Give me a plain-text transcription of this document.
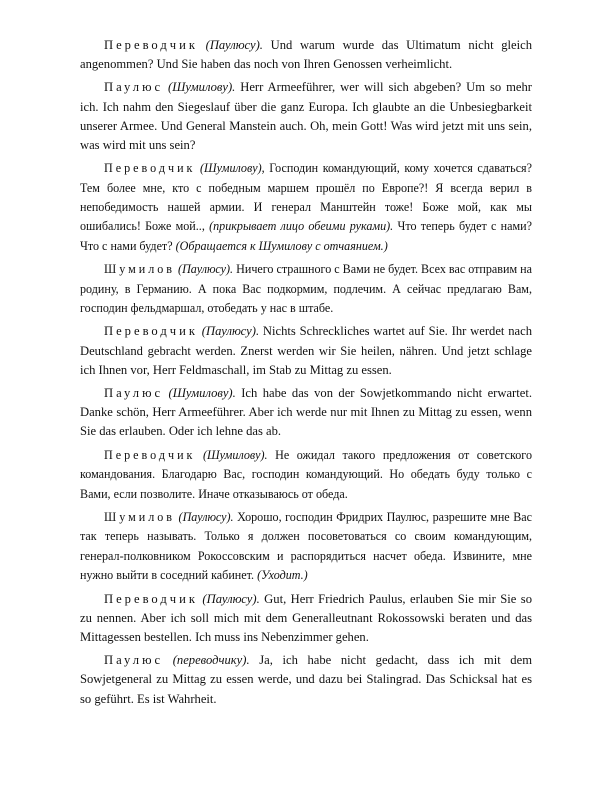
Переводчик (Паулюсу). Und warum wurde das Ultimatum nicht gleich angenommen? Und Sie haben das noch von Ihren Genossen verheimlicht.

Паулюс (Шумилову). Herr Armeeführer, wer will sich abgeben? Um so mehr ich. Ich nahm den Siegeslauf über die ganz Europa. Ich glaubte an die Unbesiegbarkeit unserer Armee. Und General Manstein auch. Oh, mein Gott! Was wird jetzt mit uns sein, was wird mit uns sein?

Переводчик (Шумилову), Господин командующий, кому хочется сдаваться? Тем более мне, кто с победным маршем прошёл по Европе?! Я всегда верил в непобедимость нашей армии. И генерал Манштейн тоже! Боже мой, как мы ошибались! Боже мой.., (прикрывает лицо обеими руками). Что теперь будет с нами? Что с нами будет? (Обращается к Шумилову с отчаянием.)

Шумилов (Паулюсу). Ничего страшного с Вами не будет. Всех вас отправим на родину, в Германию. А пока Вас подкормим, подлечим. А сейчас предлагаю Вам, господин фельдмаршал, отобедать у нас в штабе.

Переводчик (Паулюсу). Nichts Schreckliches wartet auf Sie. Ihr werdet nach Deutschland gebracht werden. Znerst werden wir Sie heilen, nähren. Und jetzt schlage ich Ihnen vor, Herr Feldmaschall, im Stab zu Mittag zu essen.

Паулюс (Шумилову). Ich habe das von der Sowjetkommando nicht erwartet. Danke schön, Herr Armeeführer. Aber ich werde nur mit Ihnen zu Mittag zu essen, wenn Sie das erlauben. Oder ich lehne das ab.

Переводчик (Шумилову). Не ожидал такого предложения от советского командования. Благодарю Вас, господин командующий. Но обедать буду только с Вами, если позволите. Иначе отказываюсь от обеда.

Шумилов (Паулюсу). Хорошо, господин Фридрих Паулюс, разрешите мне Вас так теперь называть. Только я должен посоветоваться со своим командующим, генерал-полковником Рокоссовским и распорядиться насчет обеда. Извините, мне нужно выйти в соседний кабинет. (Уходит.)

Переводчик (Паулюсу). Gut, Herr Friedrich Paulus, erlauben Sie mir Sie so zu nennen. Aber ich soll mich mit dem Generalleutnant Rokossowski beraten und das Mittagessen bestellen. Ich muss ins Nebenzimmer gehen.

Паулюс (переводчику). Ja, ich habe nicht gedacht, dass ich mit dem Sowjetgeneral zu Mittag zu essen werde, und dazu bei Stalingrad. Das Schicksal hat es so geführt. Es ist Wahrheit.
